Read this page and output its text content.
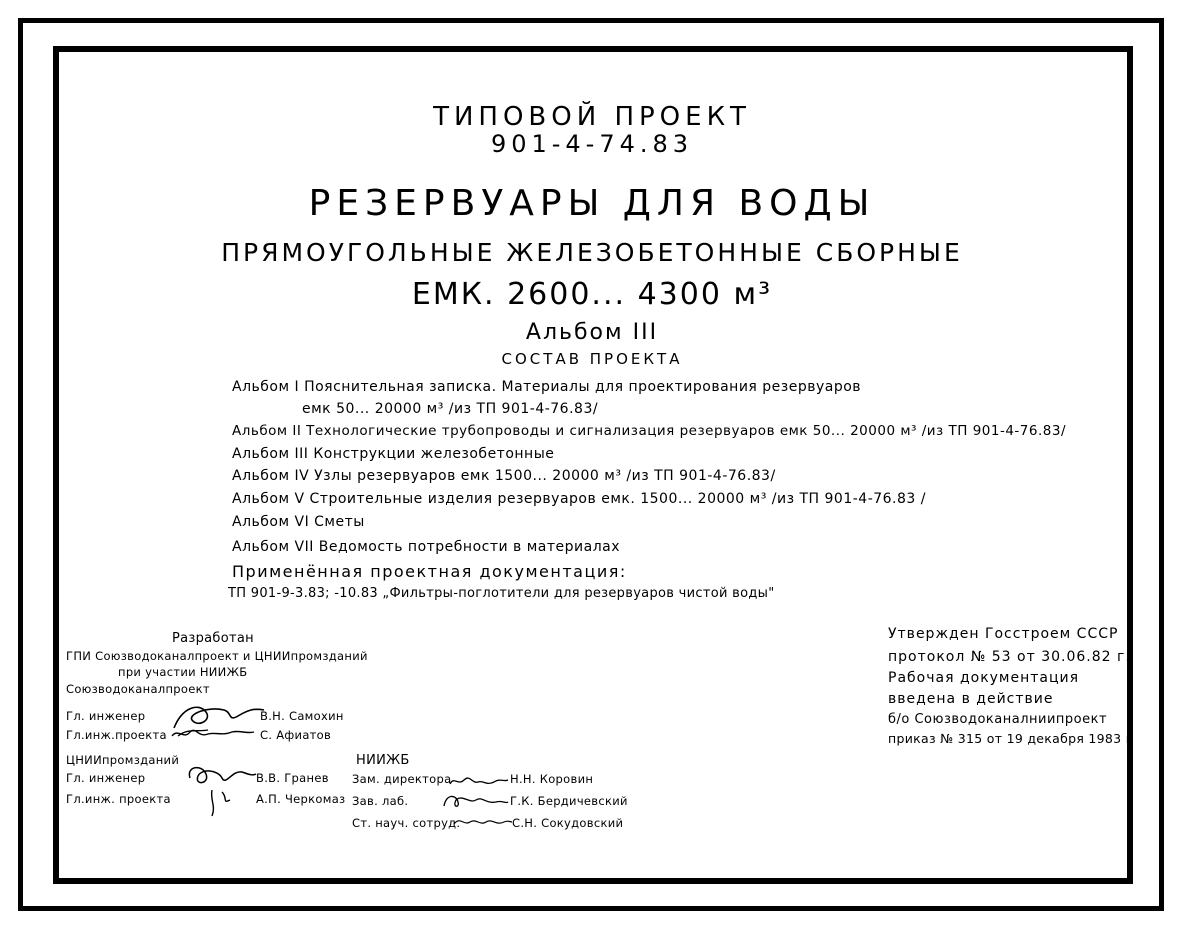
ТИПОВОЙ ПРОЕКТ
901-4-74.83
РЕЗЕРВУАРЫ ДЛЯ ВОДЫ
ПРЯМОУГОЛЬНЫЕ ЖЕЛЕЗОБЕТОННЫЕ СБОРНЫЕ
ЕМК. 2600... 4300 м³
Альбом III
СОСТАВ ПРОЕКТА
Альбом I Пояснительная записка. Материалы для проектирования резервуаров
емк 50... 20000 м³ /из ТП 901-4-76.83/
Альбом II Технологические трубопроводы и сигнализация резервуаров емк 50... 20000 м³ /из ТП 901-4-76.83/
Альбом III Конструкции железобетонные
Альбом IV Узлы резервуаров емк 1500... 20000 м³ /из ТП 901-4-76.83/
Альбом V Строительные изделия резервуаров емк. 1500... 20000 м³ /из ТП 901-4-76.83 /
Альбом VI Сметы
Альбом VII Ведомость потребности в материалах
Применённая проектная документация:
ТП 901-9-3.83; -10.83 „Фильтры-поглотители для резервуаров чистой воды"
Разработан
ГПИ Союзводоканалпроект и ЦНИИпромзданий
при участии НИИЖБ
Союзводоканалпроект
Гл. инженер	В.Н. Самохин
Гл.инж.проекта	С. Афиатов
ЦНИИпромзданий
Гл. инженер	В.В. Гранев
Гл.инж. проекта	А.П. Черкомаз
НИИЖБ
Зам. директора	Н.Н. Коровин
Зав. лаб.	Г.К. Бердичевский
Ст. науч. сотруд.	С.Н. Сокудовский
Утвержден Госстроем СССР
протокол № 53 от 30.06.82 г.
Рабочая документация
введена в действие
б/о Союзводоканалниипроект
приказ № 315 от 19 декабря 1983 г
